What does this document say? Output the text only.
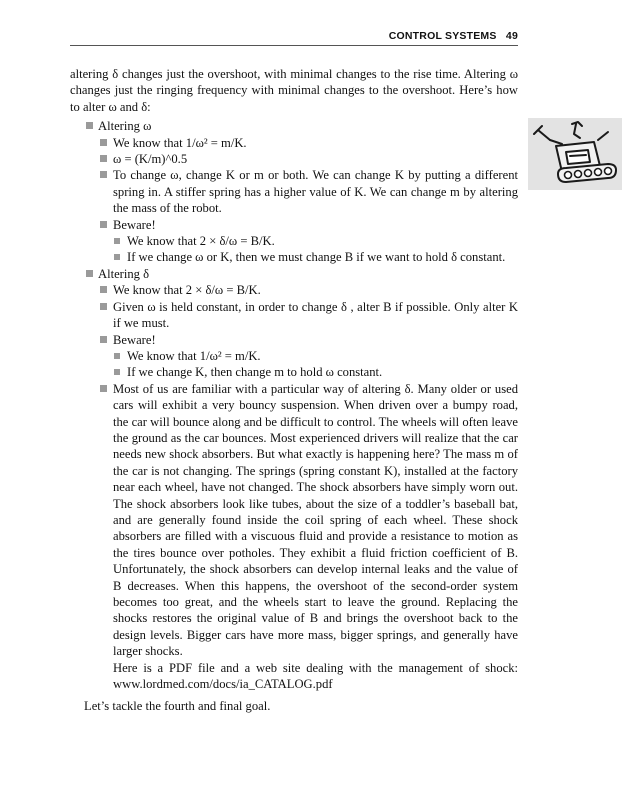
CONTROL SYSTEMS   49

altering δ changes just the overshoot, with minimal changes to the rise time. Altering ω changes just the ringing frequency with minimal changes to the overshoot. Here’s how to alter ω and δ:

Altering ω
We know that 1/ω² = m/K.
ω = (K/m)^0.5
To change ω, change K or m or both. We can change K by putting a different spring in. A stiffer spring has a higher value of K. We can change m by altering the mass of the robot.
Beware!
We know that 2 × δ/ω = B/K.
If we change ω or K, then we must change B if we want to hold δ constant.
Altering δ
We know that 2 × δ/ω = B/K.
Given ω is held constant, in order to change δ , alter B if possible. Only alter K if we must.
Beware!
We know that 1/ω² = m/K.
If we change K, then change m to hold ω constant.
Most of us are familiar with a particular way of altering δ. Many older or used cars will exhibit a very bouncy suspension. When driven over a bumpy road, the car will bounce along and be difficult to control. The wheels will often leave the ground as the car bounces. Most experienced drivers will realize that the car needs new shock absorbers. But what exactly is happening here? The mass m of the car is not changing. The springs (spring constant K), installed at the factory near each wheel, have not changed. The shock absorbers have simply worn out. The shock absorbers look like tubes, about the size of a toddler’s baseball bat, and are generally found inside the coil spring of each wheel. These shock absorbers are filled with a viscuous fluid and provide a resistance to motion as the tires bounce over potholes. They exhibit a fluid friction coefficient of B. Unfortunately, the shock absorbers can develop internal leaks and the value of B decreases. When this happens, the overshoot of the second-order system becomes too great, and the wheels start to leave the ground. Replacing the shocks restores the original value of B and brings the overshoot back to the design levels. Bigger cars have more mass, bigger springs, and generally have larger shocks.
Here is a PDF file and a web site dealing with the management of shock: www.lordmed.com/docs/ia_CATALOG.pdf

Let’s tackle the fourth and final goal.
